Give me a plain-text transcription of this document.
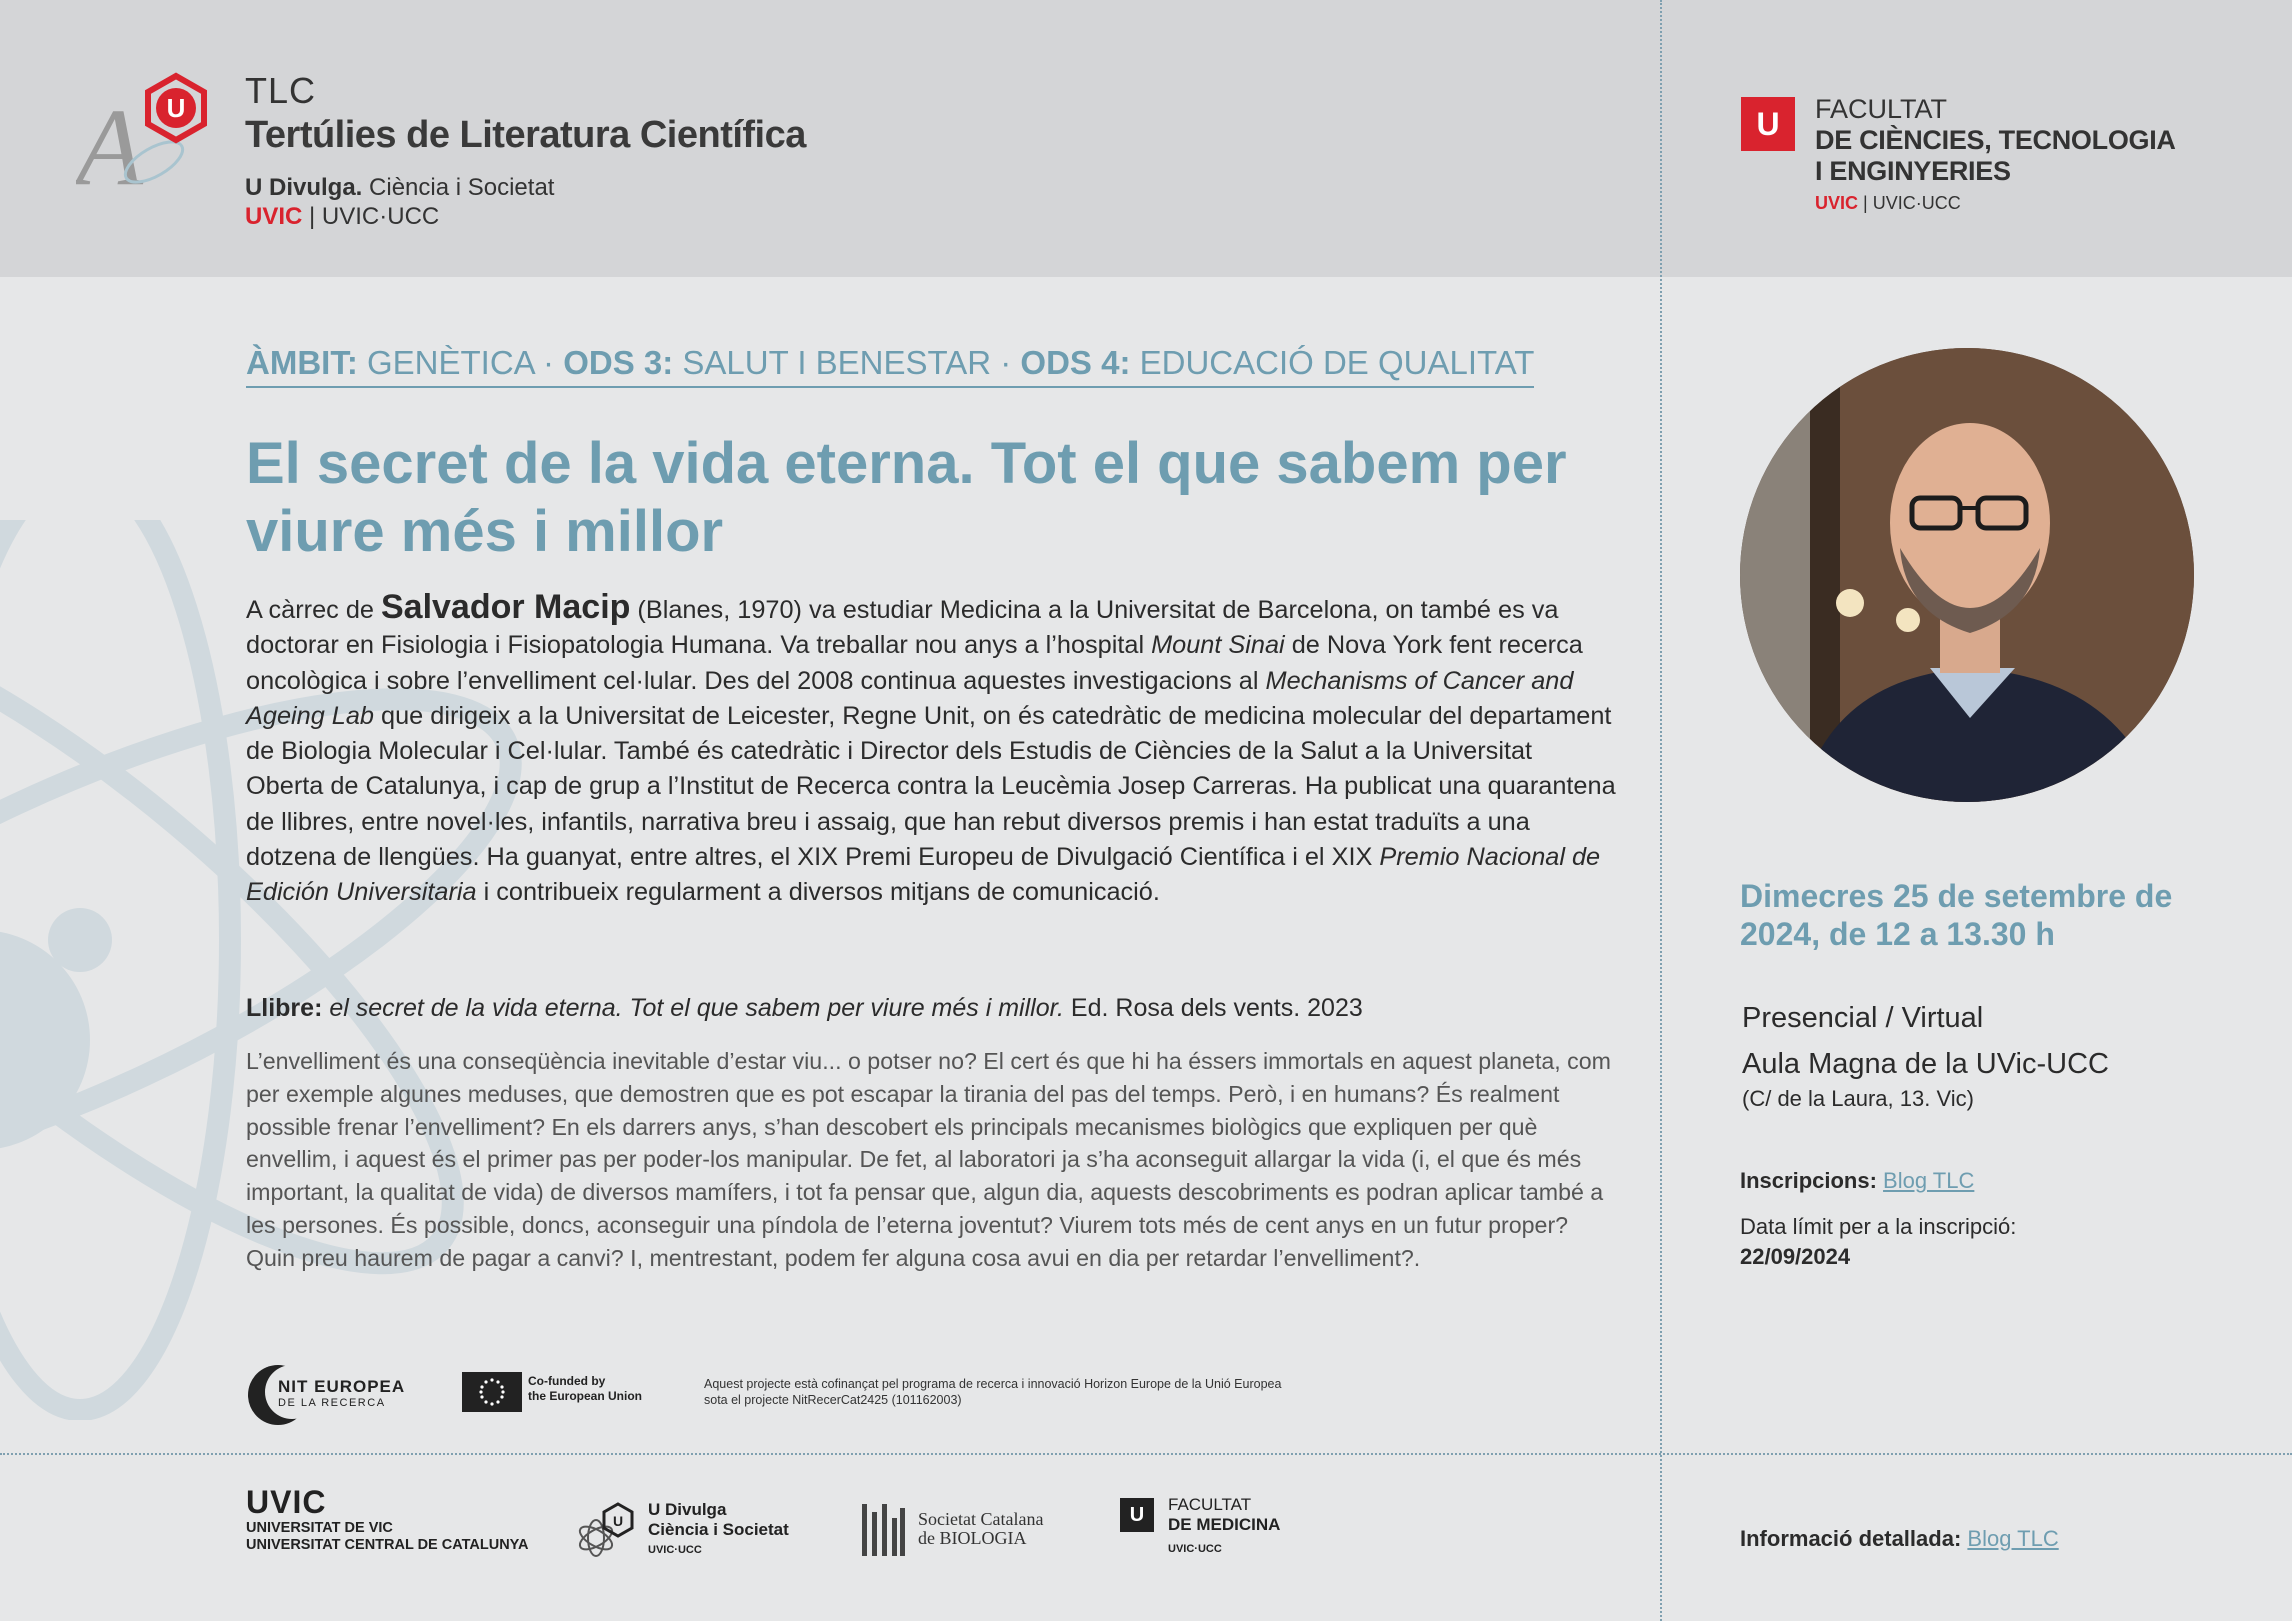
A U TLC
Tertúlies de Literatura Científica
U Divulga. Ciència i Societat
UVIC | UVIC·UCC
U	FACULTAT
DE CIÈNCIES, TECNOLOGIA
I ENGINYERIES
UVIC | UVIC·UCC
ÀMBIT: GENÈTICA · ODS 3: SALUT I BENESTAR · ODS 4: EDUCACIÓ DE QUALITAT
El secret de la vida eterna. Tot el que sabem per viure més i millor
A càrrec de Salvador Macip (Blanes, 1970) va estudiar Medicina a la Universitat de Barcelona, on també es va doctorar en Fisiologia i Fisiopatologia Humana. Va treballar nou anys a l’hospital Mount Sinai de Nova York fent recerca oncològica i sobre l’envelliment cel·lular. Des del 2008 continua aquestes investigacions al Mechanisms of Cancer and Ageing Lab que dirigeix a la Universitat de Leicester, Regne Unit, on és catedràtic de medicina molecular del departament de Biologia Molecular i Cel·lular. També és catedràtic i Director dels Estudis de Ciències de la Salut a la Universitat Oberta de Catalunya, i cap de grup a l’Institut de Recerca contra la Leucèmia Josep Carreras. Ha publicat una quarantena de llibres, entre novel·les, infantils, narrativa breu i assaig, que han rebut diversos premis i han estat traduïts a una dotzena de llengües. Ha guanyat, entre altres, el XIX Premi Europeu de Divulgació Científica i el XIX Premio Nacional de Edición Universitaria i contribueix regularment a diversos mitjans de comunicació.
Llibre: el secret de la vida eterna. Tot el que sabem per viure més i millor. Ed. Rosa dels vents. 2023
L’envelliment és una conseqüència inevitable d’estar viu... o potser no? El cert és que hi ha éssers immortals en aquest planeta, com per exemple algunes meduses, que demostren que es pot escapar la tirania del pas del temps. Però, i en humans? És realment possible frenar l’envelliment? En els darrers anys, s’han descobert els principals mecanismes biològics que expliquen per què envellim, i aquest és el primer pas per poder-los manipular. De fet, al laboratori ja s’ha aconseguit allargar la vida (i, el que és més important, la qualitat de vida) de diversos mamífers, i tot fa pensar que, algun dia, aquests descobriments es podran aplicar també a les persones. És possible, doncs, aconseguir una píndola de l’eterna joventut? Viurem tots més de cent anys en un futur proper? Quin preu haurem de pagar a canvi? I, mentrestant, podem fer alguna cosa avui en dia per retardar l’envelliment?.
NIT EUROPEA
DE LA RECERCA
Co-funded by
the European Union
Aquest projecte està cofinançat pel programa de recerca i innovació Horizon Europe de la Unió Europea sota el projecte NitRecerCat2425 (101162003)
Dimecres 25 de setembre de 2024, de 12 a 13.30 h
Presencial / Virtual
Aula Magna de la UVic-UCC
(C/ de la Laura, 13. Vic)
Inscripcions: Blog TLC
Data límit per a la inscripció:
22/09/2024
Informació detallada: Blog TLC
UVIC
UNIVERSITAT DE VIC
UNIVERSITAT CENTRAL DE CATALUNYA
U
U Divulga
Ciència i Societat
UVIC·UCC
Societat Catalana
de BIOLOGIA
U	FACULTAT
DE MEDICINA
UVIC·UCC
